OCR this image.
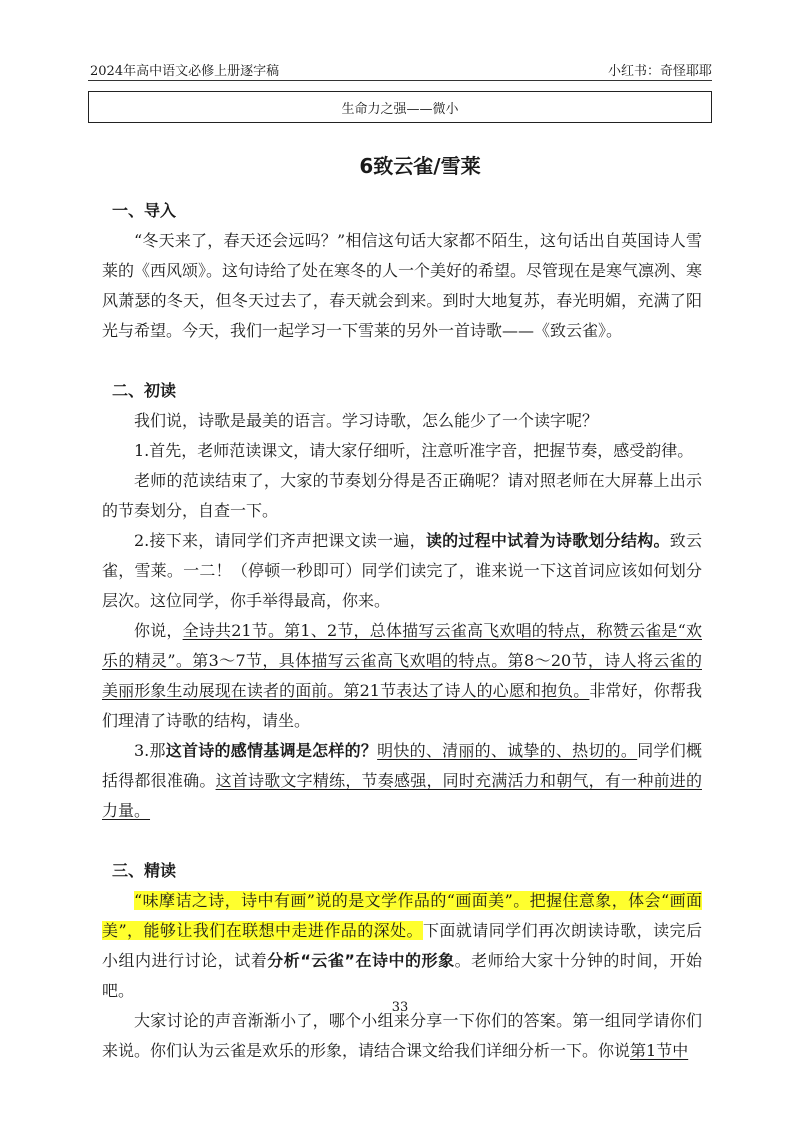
2024年高中语文必修上册逐字稿	小红书：奇怪耶耶
生命力之强——微小
6致云雀/雪莱
一、导入
“冬天来了，春天还会远吗？”相信这句话大家都不陌生，这句话出自英国诗人雪莱的《西风颂》。这句诗给了处在寒冬的人一个美好的希望。尽管现在是寒气凛冽、寒风萧瑟的冬天，但冬天过去了，春天就会到来。到时大地复苏，春光明媚，充满了阳光与希望。今天，我们一起学习一下雪莱的另外一首诗歌——《致云雀》。
二、初读
我们说，诗歌是最美的语言。学习诗歌，怎么能少了一个读字呢？
1.首先，老师范读课文，请大家仔细听，注意听准字音，把握节奏，感受韵律。
老师的范读结束了，大家的节奏划分得是否正确呢？请对照老师在大屏幕上出示的节奏划分，自查一下。
2.接下来，请同学们齐声把课文读一遍，读的过程中试着为诗歌划分结构。致云雀，雪莱。一二！（停顿一秒即可）同学们读完了，谁来说一下这首词应该如何划分层次。这位同学，你手举得最高，你来。
你说，全诗共21节。第1、2节，总体描写云雀高飞欢唱的特点，称赞云雀是“欢乐的精灵”。第3～7节，具体描写云雀高飞欢唱的特点。第8～20节，诗人将云雀的美丽形象生动展现在读者的面前。第21节表达了诗人的心愿和抱负。非常好，你帮我们理清了诗歌的结构，请坐。
3.那这首诗的感情基调是怎样的？明快的、清丽的、诚挚的、热切的。同学们概括得都很准确。这首诗歌文字精练，节奏感强，同时充满活力和朝气，有一种前进的力量。
三、精读
“味摩诘之诗，诗中有画”说的是文学作品的“画面美”。把握住意象，体会“画面美”，能够让我们在联想中走进作品的深处。下面就请同学们再次朗读诗歌，读完后小组内进行讨论，试着分析“云雀”在诗中的形象。老师给大家十分钟的时间，开始吧。
大家讨论的声音渐渐小了，哪个小组来分享一下你们的答案。第一组同学请你们来说。你们认为云雀是欢乐的形象，请结合课文给我们详细分析一下。你说第1节中
33
